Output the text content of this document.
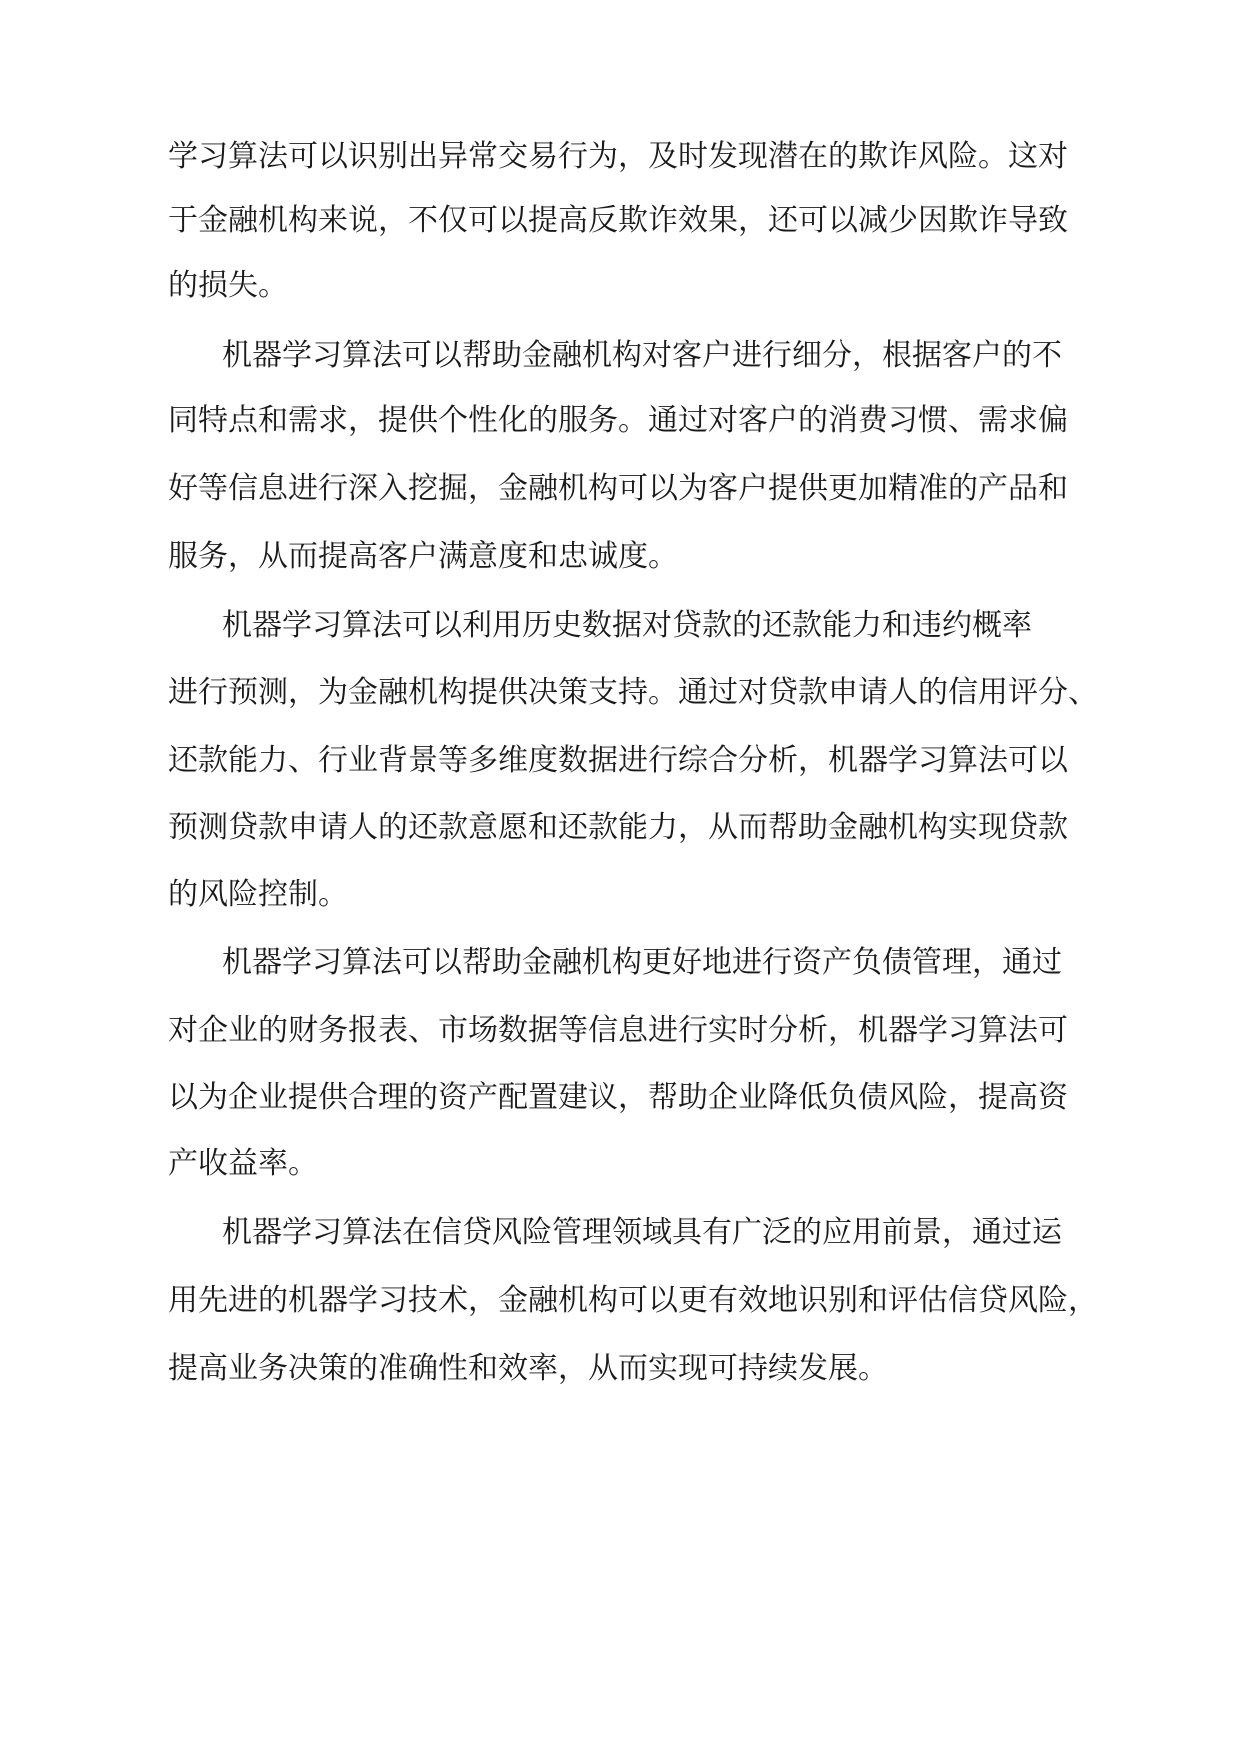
学习算法可以识别出异常交易行为，及时发现潜在的欺诈风险。这对
于金融机构来说，不仅可以提高反欺诈效果，还可以减少因欺诈导致
的损失。
机器学习算法可以帮助金融机构对客户进行细分，根据客户的不
同特点和需求，提供个性化的服务。通过对客户的消费习惯、需求偏
好等信息进行深入挖掘，金融机构可以为客户提供更加精准的产品和
服务，从而提高客户满意度和忠诚度。
机器学习算法可以利用历史数据对贷款的还款能力和违约概率
进行预测，为金融机构提供决策支持。通过对贷款申请人的信用评分、
还款能力、行业背景等多维度数据进行综合分析，机器学习算法可以
预测贷款申请人的还款意愿和还款能力，从而帮助金融机构实现贷款
的风险控制。
机器学习算法可以帮助金融机构更好地进行资产负债管理，通过
对企业的财务报表、市场数据等信息进行实时分析，机器学习算法可
以为企业提供合理的资产配置建议，帮助企业降低负债风险，提高资
产收益率。
机器学习算法在信贷风险管理领域具有广泛的应用前景，通过运
用先进的机器学习技术，金融机构可以更有效地识别和评估信贷风险，
提高业务决策的准确性和效率，从而实现可持续发展。
